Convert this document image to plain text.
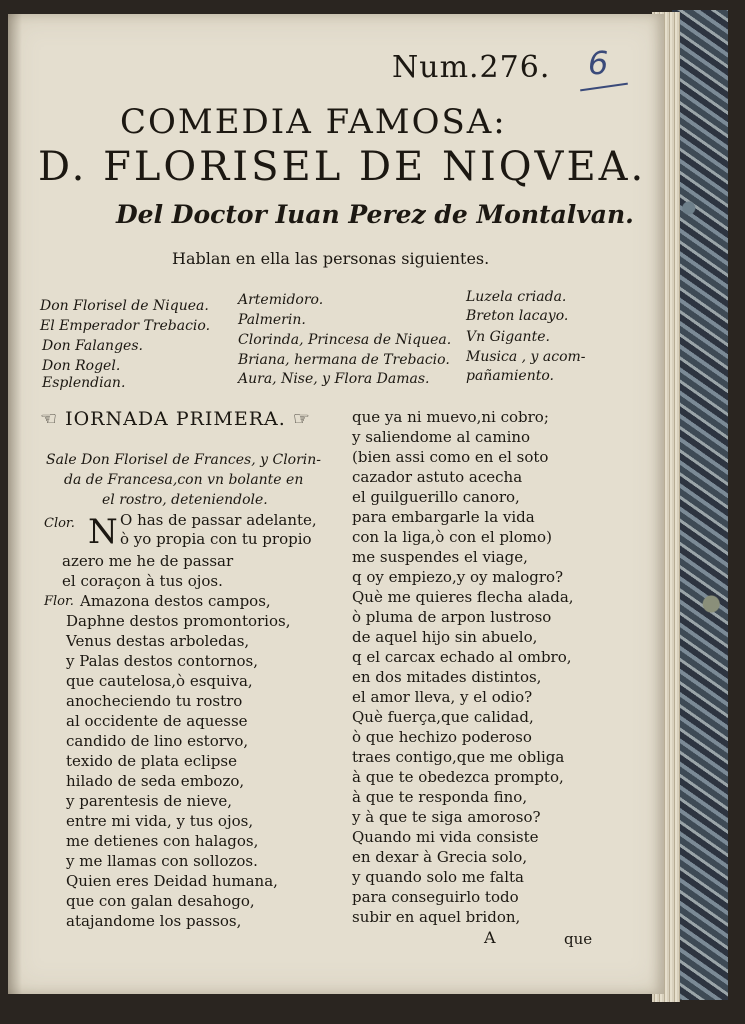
Num.276. 6
COMEDIA FAMOSA:
D. FLORISEL DE NIQVEA.
Del Doctor Iuan Perez de Montalvan.
Hablan en ella las personas siguientes.
Don Florisel de Niquea.
El Emperador Trebacio.
Don Falanges.
Don Rogel.
Esplendian.
Artemidoro.
Palmerin.
Clorinda, Princesa de Niquea.
Briana, hermana de Trebacio.
Aura, Nise, y Flora Damas.
Luzela criada.
Breton lacayo.
Vn Gigante.
Musica , y acom-
pañamiento.
☜ IORNADA PRIMERA. ☞
Sale Don Florisel de Frances, y Clorin-
da de Francesa,con vn bolante en
el rostro, deteniendole.
Clor. N O has de passar adelante,
ò yo propia con tu propio
azero me he de passar
el coraçon à tus ojos.
Flor. Amazona destos campos,
Daphne destos promontorios,
Venus destas arboledas,
y Palas destos contornos,
que cautelosa,ò esquiva,
anocheciendo tu rostro
al occidente de aquesse
candido de lino estorvo,
texido de plata eclipse
hilado de seda embozo,
y parentesis de nieve,
entre mi vida, y tus ojos,
me detienes con halagos,
y me llamas con sollozos.
Quien eres Deidad humana,
que con galan desahogo,
atajandome los passos,
que ya ni muevo,ni cobro;
y saliendome al camino
(bien assi como en el soto
cazador astuto acecha
el guilguerillo canoro,
para embargarle la vida
con la liga,ò con el plomo)
me suspendes el viage,
q oy empiezo,y oy malogro?
Què me quieres flecha alada,
ò pluma de arpon lustroso
de aquel hijo sin abuelo,
q el carcax echado al ombro,
en dos mitades distintos,
el amor lleva, y el odio?
Què fuerça,que calidad,
ò que hechizo poderoso
traes contigo,que me obliga
à que te obedezca prompto,
à que te responda fino,
y à que te siga amoroso?
Quando mi vida consiste
en dexar à Grecia solo,
y quando solo me falta
para conseguirlo todo
subir en aquel bridon,
A	que
